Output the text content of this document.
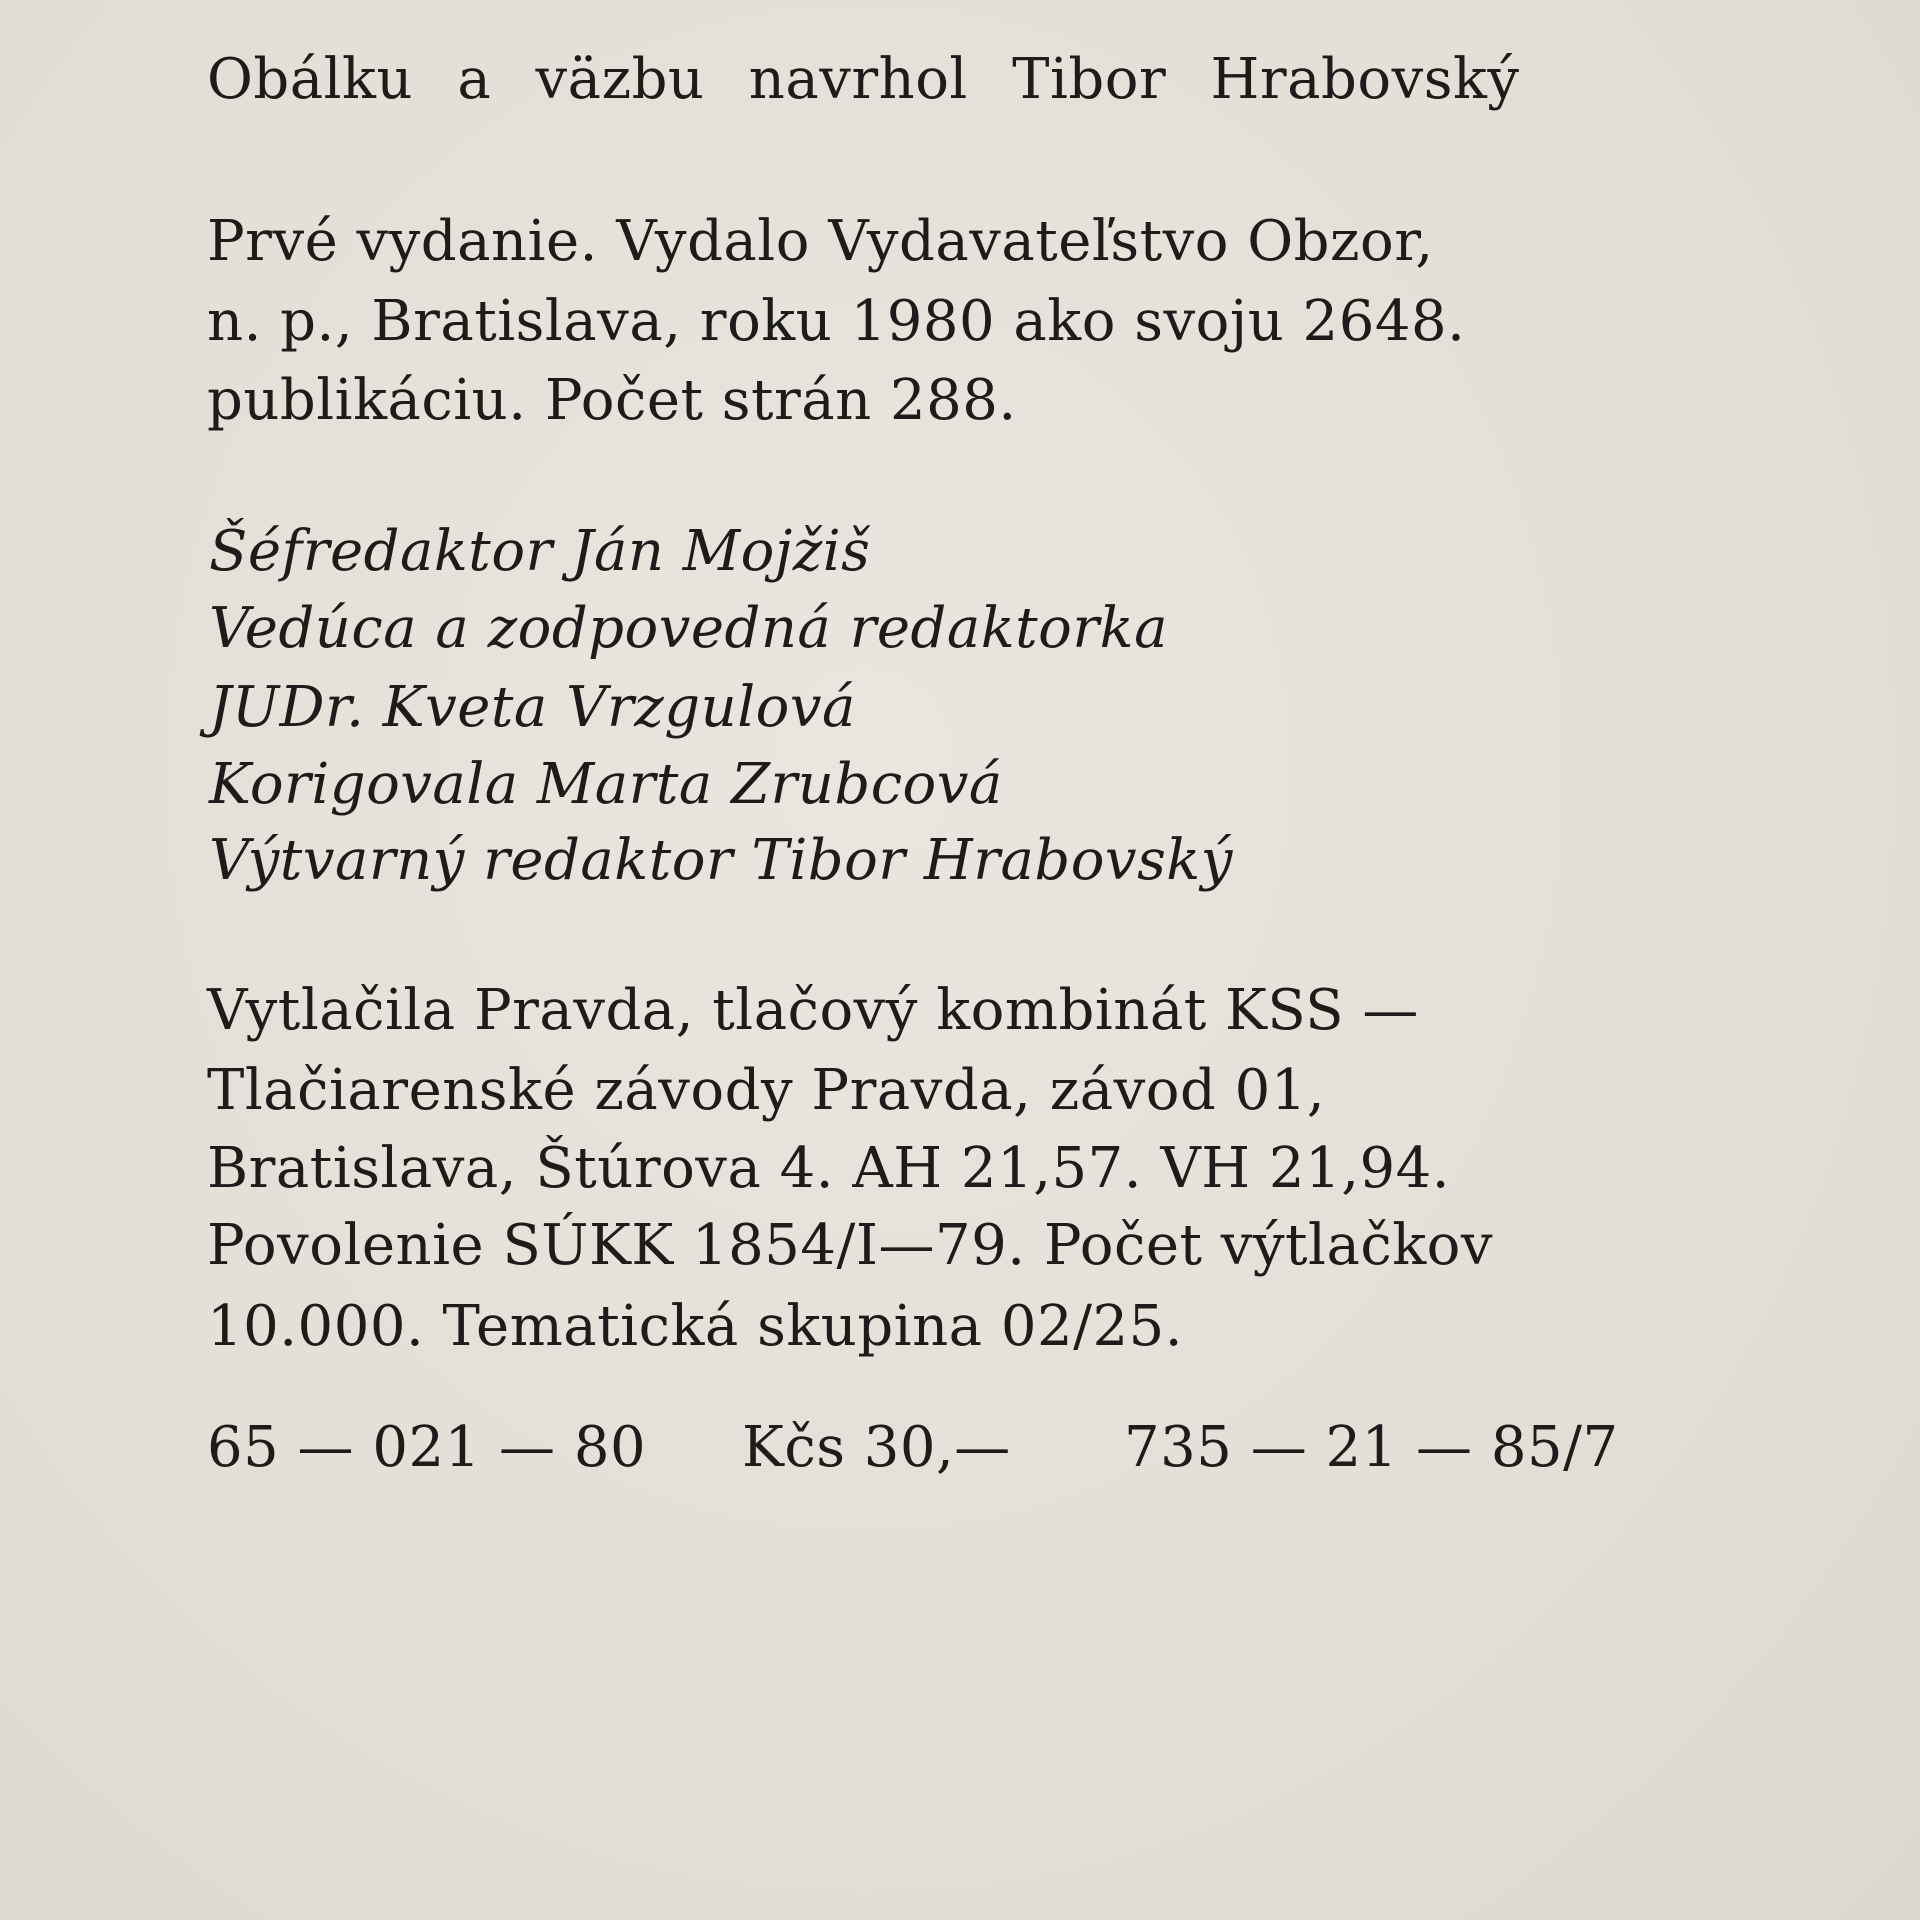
Obálku a väzbu navrhol Tibor Hrabovský
Prvé vydanie. Vydalo Vydavateľstvo Obzor,
n. p., Bratislava, roku 1980 ako svoju 2648.
publikáciu. Počet strán 288.
Šéfredaktor Ján Mojžiš
Vedúca a zodpovedná redaktorka
JUDr. Kveta Vrzgulová
Korigovala Marta Zrubcová
Výtvarný redaktor Tibor Hrabovský
Vytlačila Pravda, tlačový kombinát KSS —
Tlačiarenské závody Pravda, závod 01,
Bratislava, Štúrova 4. AH 21,57. VH 21,94.
Povolenie SÚKK 1854/I—79. Počet výtlačkov
10.000. Tematická skupina 02/25.
65 — 021 — 80 Kčs 30,— 735 — 21 — 85/7
